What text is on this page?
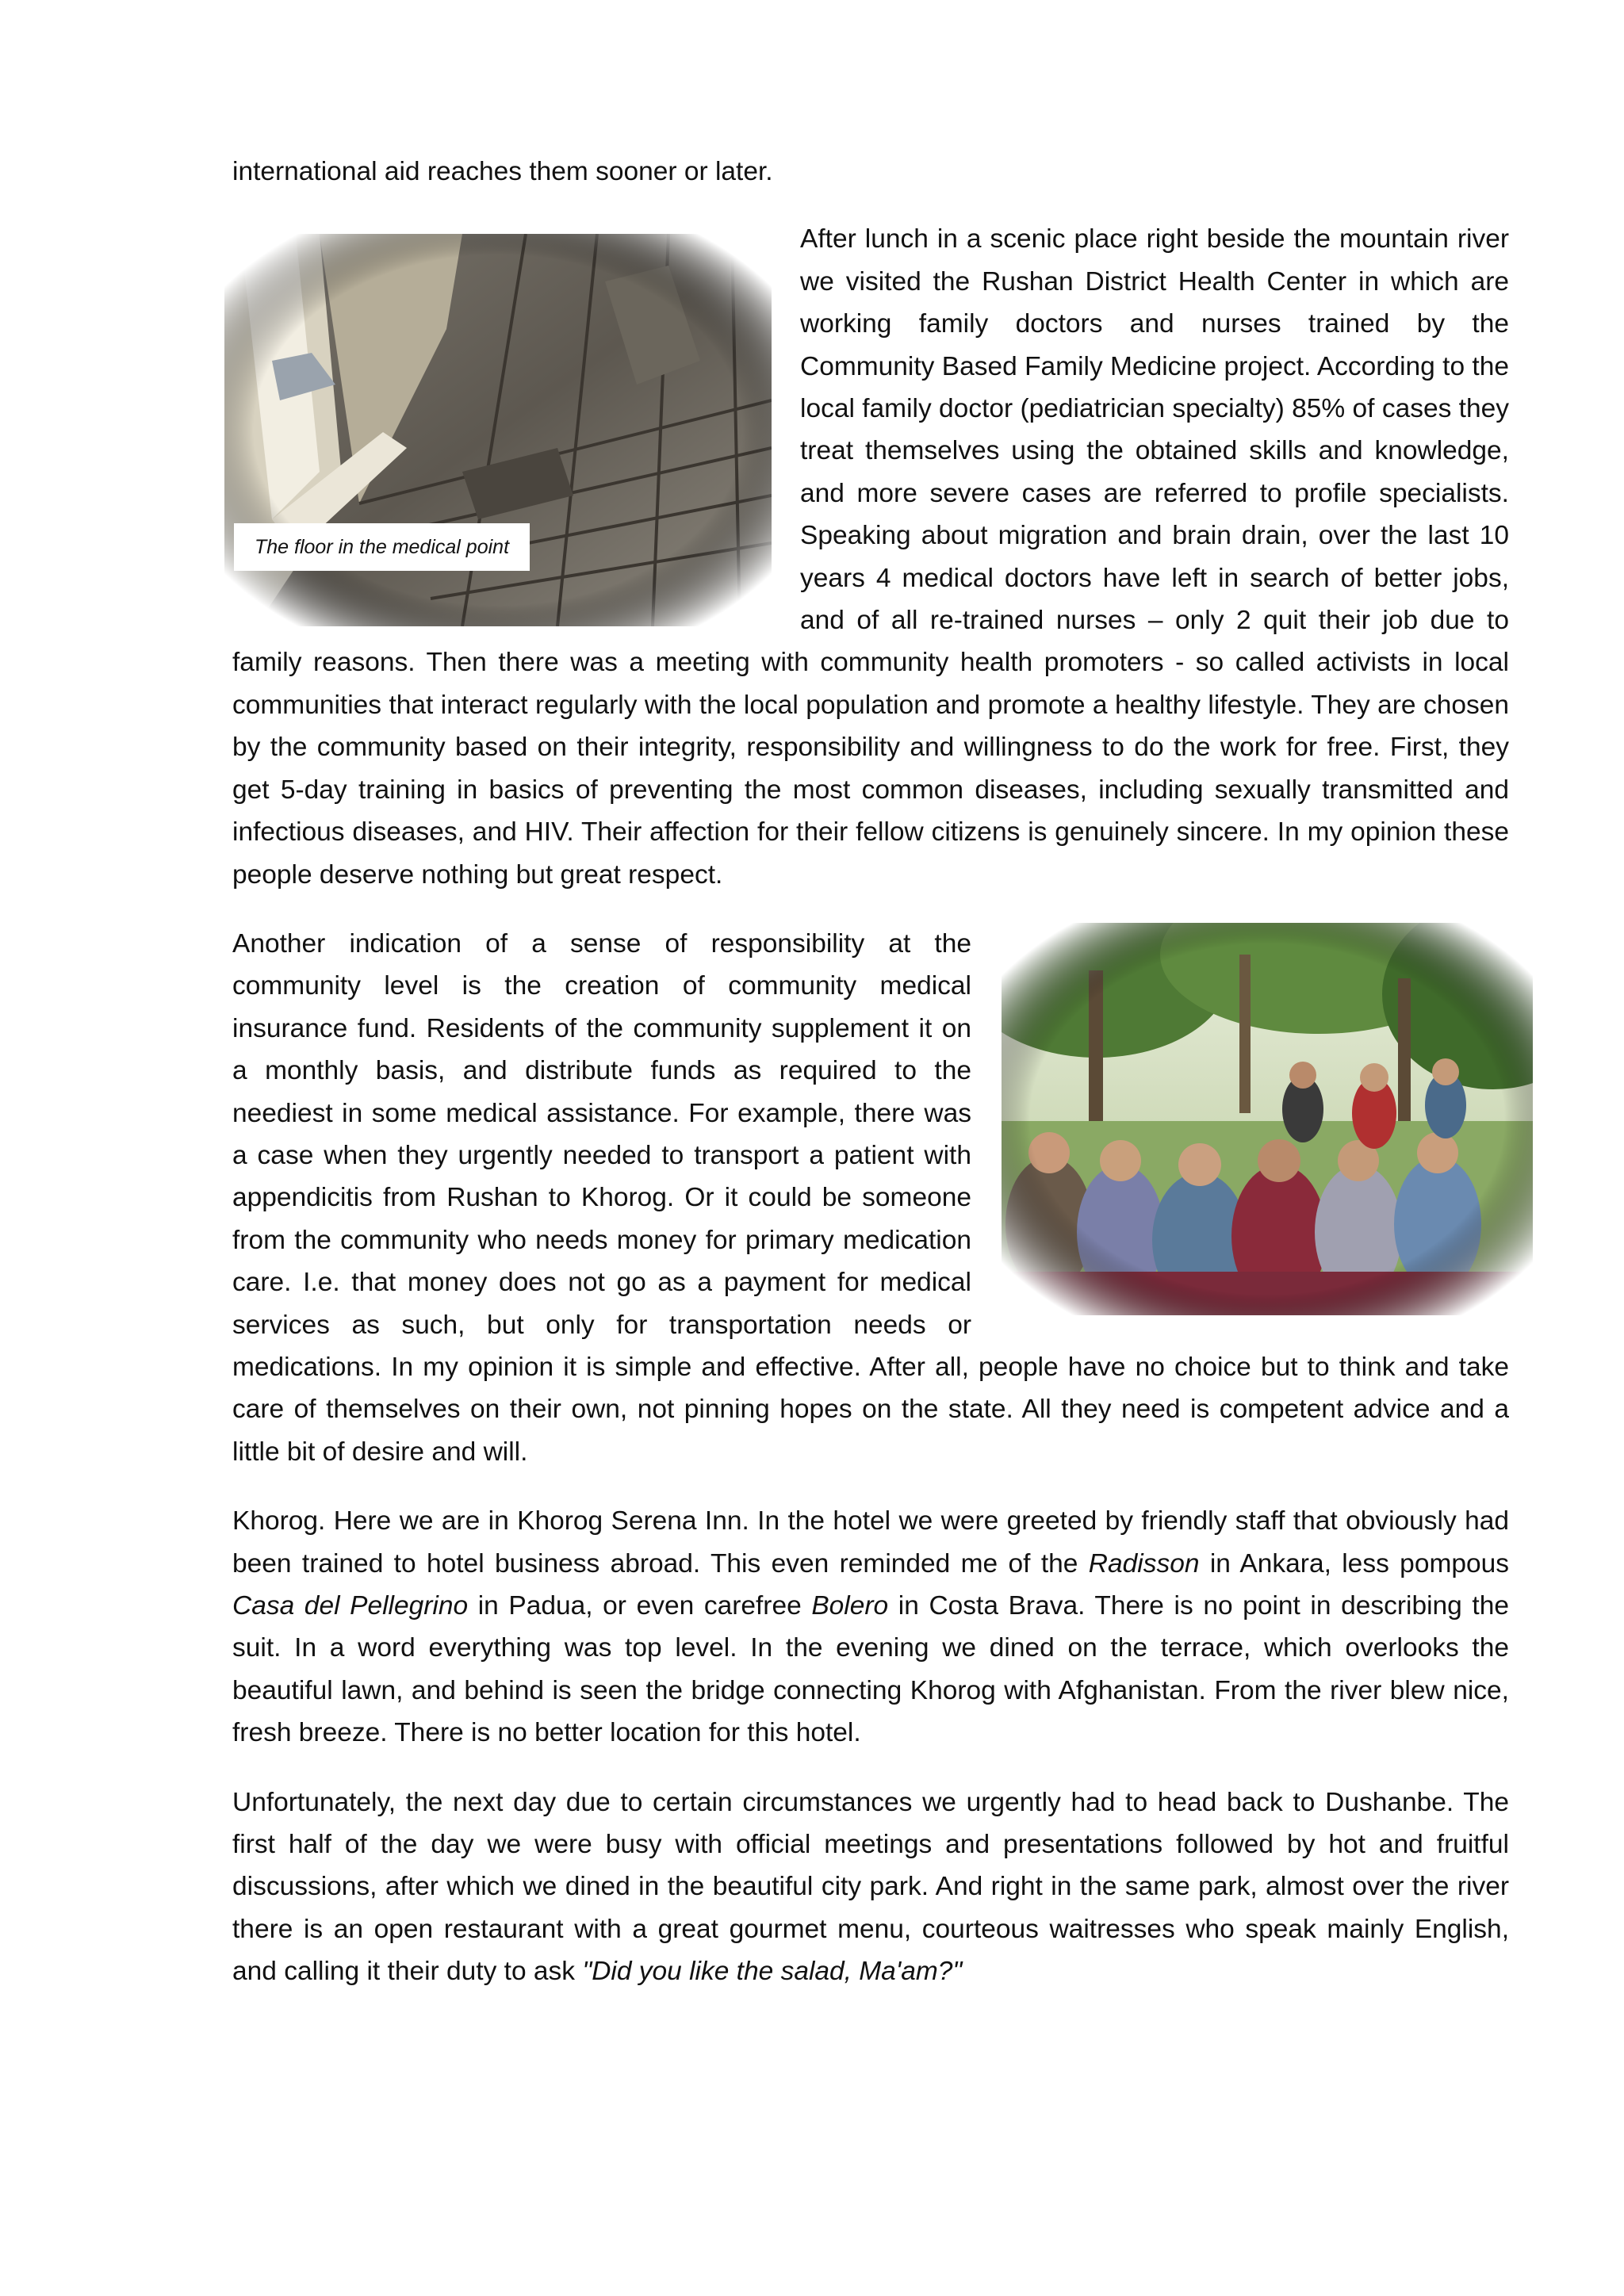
international aid reaches them sooner or later.

The floor in the medical point

After lunch in a scenic place right beside the mountain river we visited the Rushan District Health Center in which are working family doctors and nurses trained by the Community Based Family Medicine project. According to the local family doctor (pediatrician specialty) 85% of cases they treat themselves using the obtained skills and knowledge, and more severe cases are referred to profile specialists. Speaking about migration and brain drain, over the last 10 years 4 medical doctors have left in search of better jobs, and of all re-trained nurses – only 2 quit their job due to family reasons. Then there was a meeting with community health promoters - so called activists in local communities that interact regularly with the local population and promote a healthy lifestyle. They are chosen by the community based on their integrity, responsibility and willingness to do the work for free. First, they get 5-day training in basics of preventing the most common diseases, including sexually transmitted and infectious diseases, and HIV. Their affection for their fellow citizens is genuinely sincere. In my opinion these people deserve nothing but great respect.

Another indication of a sense of responsibility at the community level is the creation of community medical insurance fund. Residents of the community supplement it on a monthly basis, and distribute funds as required to the neediest in some medical assistance. For example, there was a case when they urgently needed to transport a patient with appendicitis from Rushan to Khorog. Or it could be someone from the community who needs money for primary medication care. I.e. that money does not go as a payment for medical services as such, but only for transportation needs or medications. In my opinion it is simple and effective. After all, people have no choice but to think and take care of themselves on their own, not pinning hopes on the state. All they need is competent advice and a little bit of desire and will.

Khorog. Here we are in Khorog Serena Inn. In the hotel we were greeted by friendly staff that obviously had been trained to hotel business abroad. This even reminded me of the Radisson in Ankara, less pompous Casa del Pellegrino in Padua, or even carefree Bolero in Costa Brava. There is no point in describing the suit. In a word everything was top level. In the evening we dined on the terrace, which overlooks the beautiful lawn, and behind is seen the bridge connecting Khorog with Afghanistan. From the river blew nice, fresh breeze. There is no better location for this hotel.

Unfortunately, the next day due to certain circumstances we urgently had to head back to Dushanbe. The first half of the day we were busy with official meetings and presentations followed by hot and fruitful discussions, after which we dined in the beautiful city park. And right in the same park, almost over the river there is an open restaurant with a great gourmet menu, courteous waitresses who speak mainly English, and calling it their duty to ask "Did you like the salad, Ma'am?"
